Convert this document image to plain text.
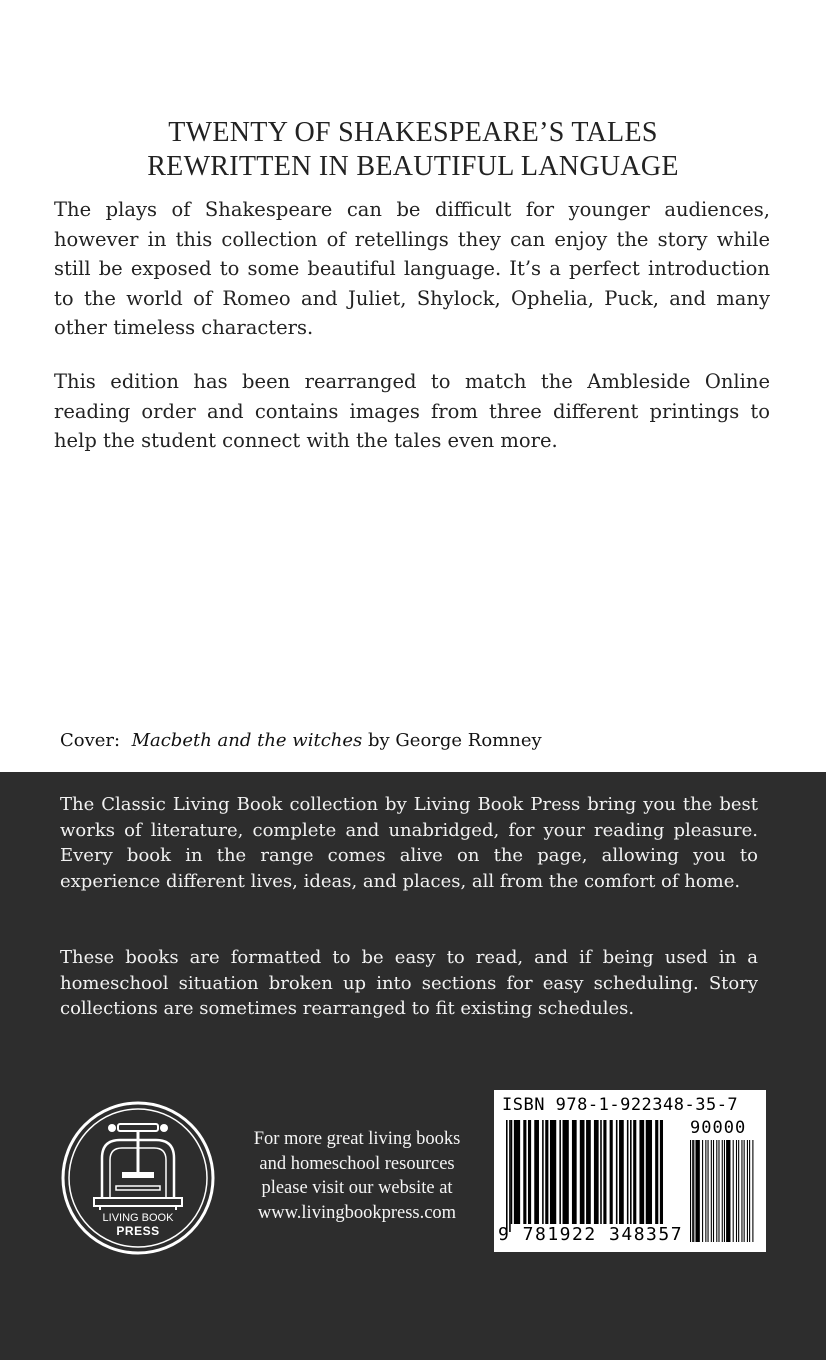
TWENTY OF SHAKESPEARE’S TALES
REWRITTEN IN BEAUTIFUL LANGUAGE
The plays of Shakespeare can be difficult for younger audiences, however in this collection of retellings they can enjoy the story while still be exposed to some beautiful language. It’s a perfect introduction to the world of Romeo and Juliet, Shylock, Ophelia, Puck, and many other timeless characters.
This edition has been rearranged to match the Ambleside Online reading order and contains images from three different printings to help the student connect with the tales even more.
Cover: Macbeth and the witches by George Romney
The Classic Living Book collection by Living Book Press bring you the best works of literature, complete and unabridged, for your reading pleasure. Every book in the range comes alive on the page, allowing you to experience different lives, ideas, and places, all from the comfort of home.
These books are formatted to be easy to read, and if being used in a homeschool situation broken up into sections for easy scheduling. Story collections are sometimes rearranged to fit existing schedules.
LIVING BOOK
PRESS
For more great living books
and homeschool resources
please visit our website at
www.livingbookpress.com
ISBN 978-1-922348-35-7
90000
9 781922 348357
